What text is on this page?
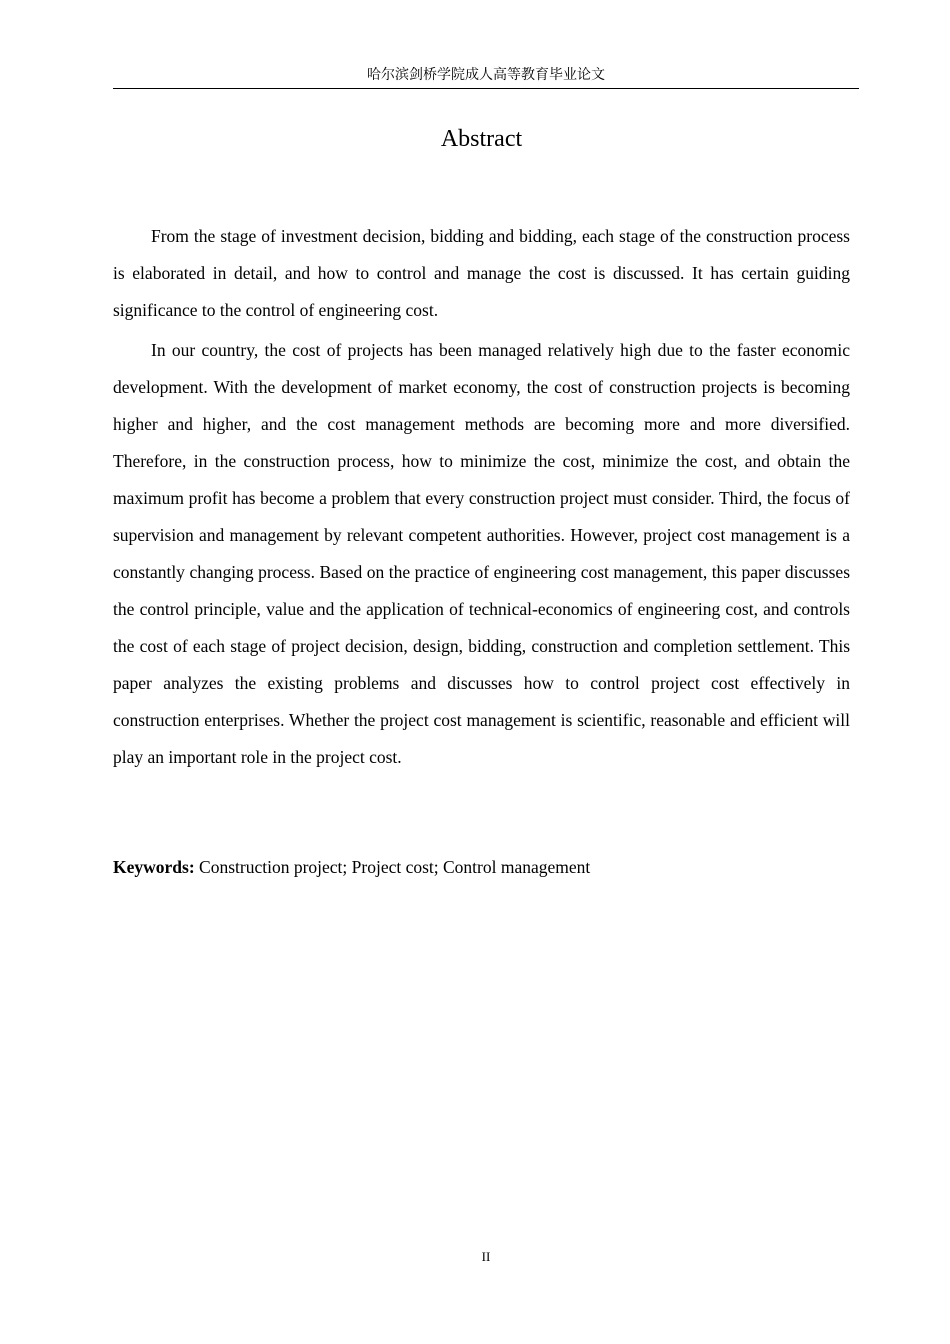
哈尔滨剑桥学院成人高等教育毕业论文
Abstract

From the stage of investment decision, bidding and bidding, each stage of the construction process is elaborated in detail, and how to control and manage the cost is discussed. It has certain guiding significance to the control of engineering cost.

In our country, the cost of projects has been managed relatively high due to the faster economic development. With the development of market economy, the cost of construction projects is becoming higher and higher, and the cost management methods are becoming more and more diversified. Therefore, in the construction process, how to minimize the cost, minimize the cost, and obtain the maximum profit has become a problem that every construction project must consider. Third, the focus of supervision and management by relevant competent authorities. However, project cost management is a constantly changing process. Based on the practice of engineering cost management, this paper discusses the control principle, value and the application of technical-economics of engineering cost, and controls the cost of each stage of project decision, design, bidding, construction and completion settlement. This paper analyzes the existing problems and discusses how to control project cost effectively in construction enterprises. Whether the project cost management is scientific, reasonable and efficient will play an important role in the project cost.

Keywords: Construction project; Project cost; Control management

II
